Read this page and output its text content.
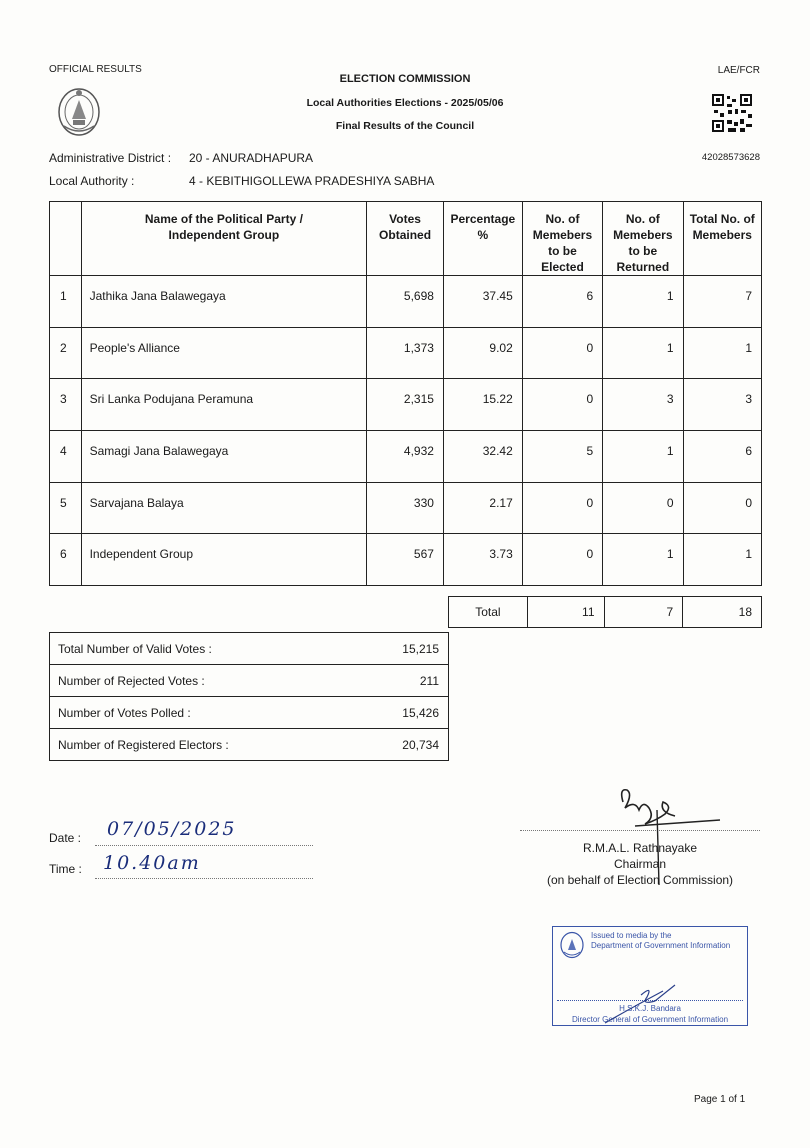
OFFICIAL RESULTS	LAE/FCR
ELECTION COMMISSION
Local Authorities Elections - 2025/05/06
Final Results of the Council
42028573628
Administrative District : 20 - ANURADHAPURA
Local Authority :	4 - KEBITHIGOLLEWA PRADESHIYA SABHA
	Name of the Political Party / Independent Group	Votes Obtained	Percentage %	No. of Memebers to be Elected	No. of Memebers to be Returned	Total No. of Memebers
1	Jathika Jana Balawegaya	5,698	37.45	6	1	7
2	People's Alliance	1,373	9.02	0	1	1
3	Sri Lanka Podujana Peramuna	2,315	15.22	0	3	3
4	Samagi Jana Balawegaya	4,932	32.42	5	1	6
5	Sarvajana Balaya	330	2.17	0	0	0
6	Independent Group	567	3.73	0	1	1
Total	11	7	18
Total Number of Valid Votes :	15,215
Number of Rejected Votes :	211
Number of Votes Polled :	15,426
Number of Registered Electors :	20,734
Date : 07/05/2025
Time : 10.40am
R.M.A.L. Rathnayake
Chairman
(on behalf of Election Commission)
Issued to media by the
Department of Government Information
H.S.K.J. Bandara
Director General of Government Information
Page 1 of 1
